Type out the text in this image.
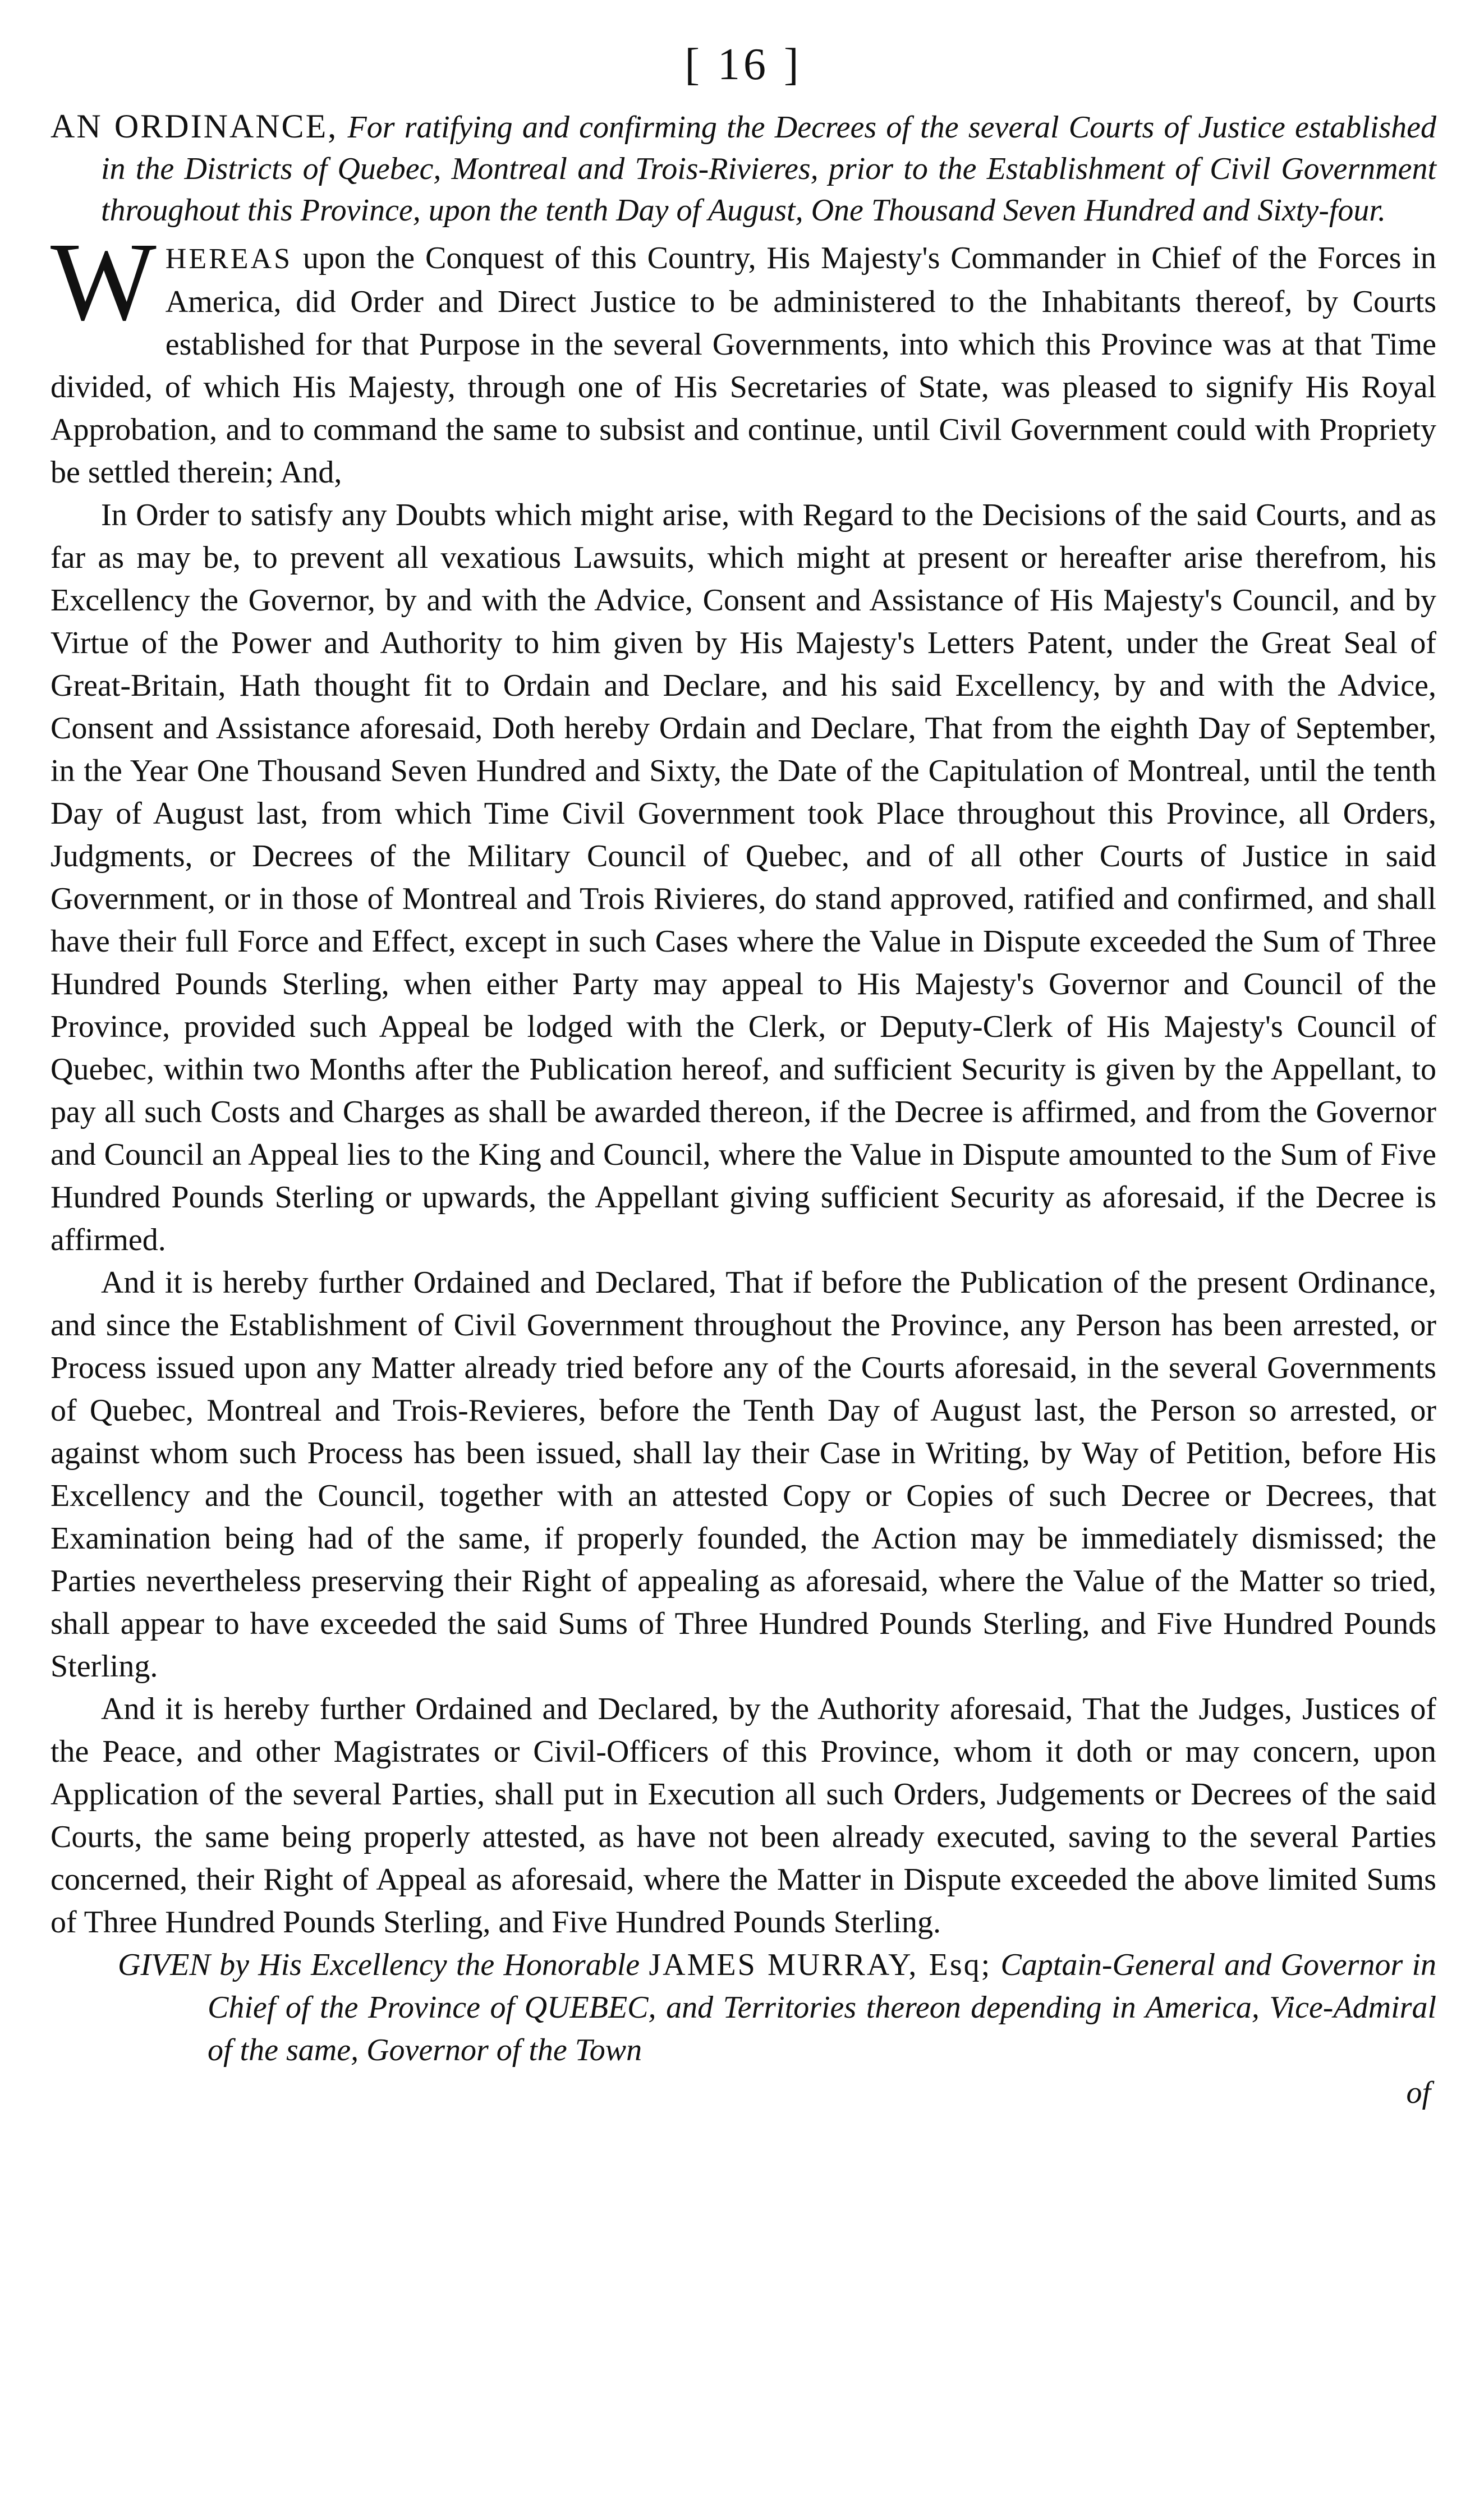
[ 16 ]

AN ORDINANCE, For ratifying and confirming the Decrees of the several Courts of Justice established in the Districts of Quebec, Montreal and Trois-Rivieres, prior to the Establishment of Civil Government throughout this Province, upon the tenth Day of August, One Thousand Seven Hundred and Sixty-four.

WHEREAS upon the Conquest of this Country, His Majesty's Commander in Chief of the Forces in America, did Order and Direct Justice to be administered to the Inhabitants thereof, by Courts established for that Purpose in the several Governments, into which this Province was at that Time divided, of which His Majesty, through one of His Secretaries of State, was pleased to signify His Royal Approbation, and to command the same to subsist and continue, until Civil Government could with Propriety be settled therein; And,

In Order to satisfy any Doubts which might arise, with Regard to the Decisions of the said Courts, and as far as may be, to prevent all vexatious Lawsuits, which might at present or hereafter arise therefrom, his Excellency the Governor, by and with the Advice, Consent and Assistance of His Majesty's Council, and by Virtue of the Power and Authority to him given by His Majesty's Letters Patent, under the Great Seal of Great-Britain, Hath thought fit to Ordain and Declare, and his said Excellency, by and with the Advice, Consent and Assistance aforesaid, Doth hereby Ordain and Declare, That from the eighth Day of September, in the Year One Thousand Seven Hundred and Sixty, the Date of the Capitulation of Montreal, until the tenth Day of August last, from which Time Civil Government took Place throughout this Province, all Orders, Judgments, or Decrees of the Military Council of Quebec, and of all other Courts of Justice in said Government, or in those of Montreal and Trois Rivieres, do stand approved, ratified and confirmed, and shall have their full Force and Effect, except in such Cases where the Value in Dispute exceeded the Sum of Three Hundred Pounds Sterling, when either Party may appeal to His Majesty's Governor and Council of the Province, provided such Appeal be lodged with the Clerk, or Deputy-Clerk of His Majesty's Council of Quebec, within two Months after the Publication hereof, and sufficient Security is given by the Appellant, to pay all such Costs and Charges as shall be awarded thereon, if the Decree is affirmed, and from the Governor and Council an Appeal lies to the King and Council, where the Value in Dispute amounted to the Sum of Five Hundred Pounds Sterling or upwards, the Appellant giving sufficient Security as aforesaid, if the Decree is affirmed.

And it is hereby further Ordained and Declared, That if before the Publication of the present Ordinance, and since the Establishment of Civil Government throughout the Province, any Person has been arrested, or Process issued upon any Matter already tried before any of the Courts aforesaid, in the several Governments of Quebec, Montreal and Trois-Revieres, before the Tenth Day of August last, the Person so arrested, or against whom such Process has been issued, shall lay their Case in Writing, by Way of Petition, before His Excellency and the Council, together with an attested Copy or Copies of such Decree or Decrees, that Examination being had of the same, if properly founded, the Action may be immediately dismissed; the Parties nevertheless preserving their Right of appealing as aforesaid, where the Value of the Matter so tried, shall appear to have exceeded the said Sums of Three Hundred Pounds Sterling, and Five Hundred Pounds Sterling.

And it is hereby further Ordained and Declared, by the Authority aforesaid, That the Judges, Justices of the Peace, and other Magistrates or Civil-Officers of this Province, whom it doth or may concern, upon Application of the several Parties, shall put in Execution all such Orders, Judgements or Decrees of the said Courts, the same being properly attested, as have not been already executed, saving to the several Parties concerned, their Right of Appeal as aforesaid, where the Matter in Dispute exceeded the above limited Sums of Three Hundred Pounds Sterling, and Five Hundred Pounds Sterling.

GIVEN by His Excellency the Honorable JAMES MURRAY, Esq; Captain-General and Governor in Chief of the Province of QUEBEC, and Territories thereon depending in America, Vice-Admiral of the same, Governor of the Town

of
